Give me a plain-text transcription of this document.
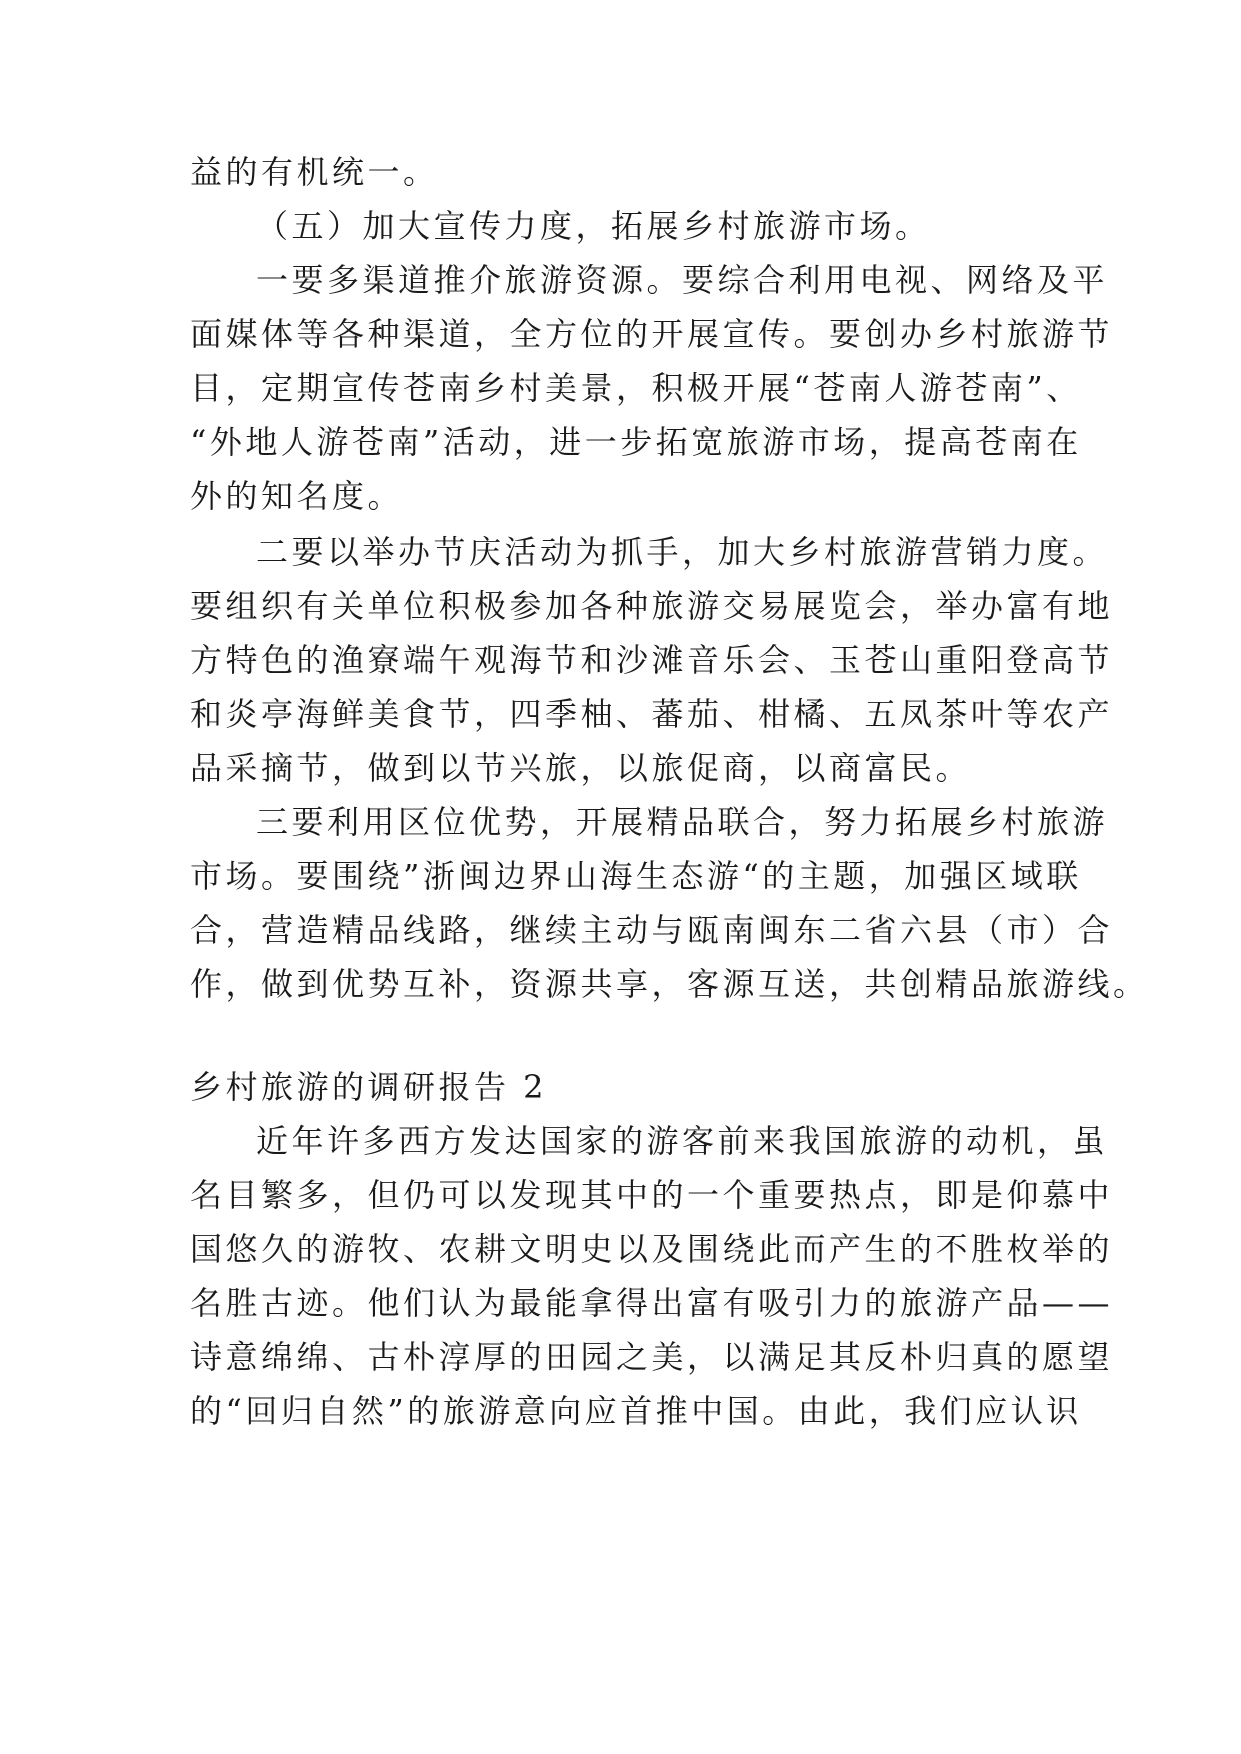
益的有机统一。
（五）加大宣传力度，拓展乡村旅游市场。
一要多渠道推介旅游资源。要综合利用电视、网络及平
面媒体等各种渠道，全方位的开展宣传。要创办乡村旅游节
目，定期宣传苍南乡村美景，积极开展“苍南人游苍南”、
“外地人游苍南”活动，进一步拓宽旅游市场，提高苍南在
外的知名度。
二要以举办节庆活动为抓手，加大乡村旅游营销力度。
要组织有关单位积极参加各种旅游交易展览会，举办富有地
方特色的渔寮端午观海节和沙滩音乐会、玉苍山重阳登高节
和炎亭海鲜美食节，四季柚、蕃茄、柑橘、五凤茶叶等农产
品采摘节，做到以节兴旅，以旅促商，以商富民。
三要利用区位优势，开展精品联合，努力拓展乡村旅游
市场。要围绕”浙闽边界山海生态游“的主题，加强区域联
合，营造精品线路，继续主动与瓯南闽东二省六县（市）合
作，做到优势互补，资源共享，客源互送，共创精品旅游线。
乡村旅游的调研报告 2
近年许多西方发达国家的游客前来我国旅游的动机，虽
名目繁多，但仍可以发现其中的一个重要热点，即是仰慕中
国悠久的游牧、农耕文明史以及围绕此而产生的不胜枚举的
名胜古迹。他们认为最能拿得出富有吸引力的旅游产品——
诗意绵绵、古朴淳厚的田园之美，以满足其反朴归真的愿望
的“回归自然”的旅游意向应首推中国。由此，我们应认识
